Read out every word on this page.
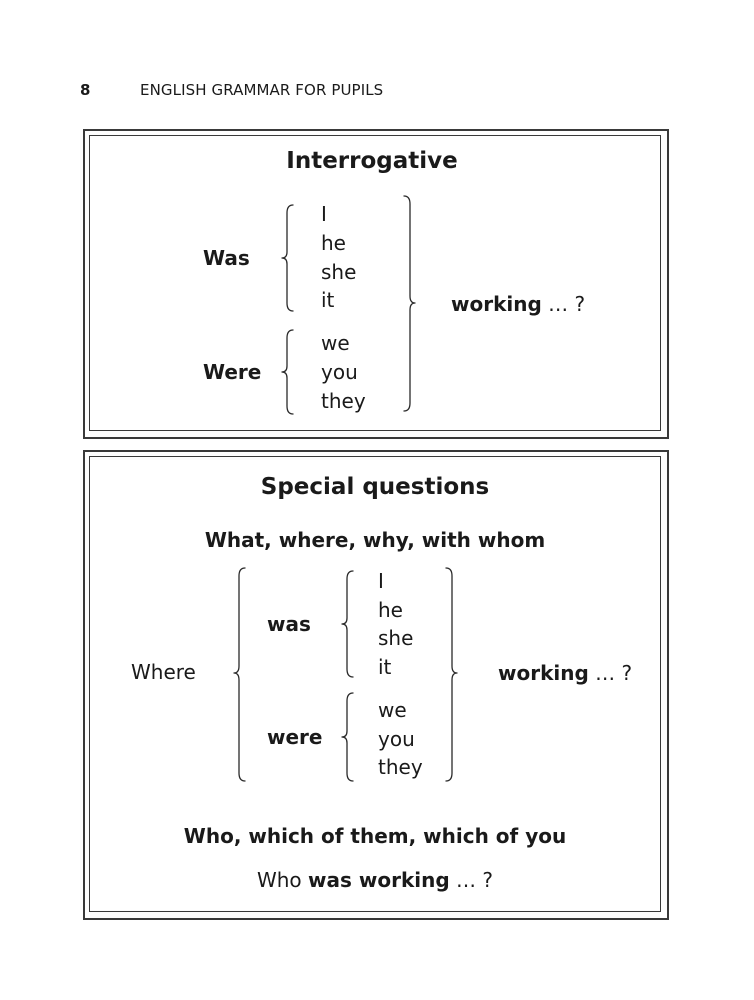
8	ENGLISH GRAMMAR FOR PUPILS
Interrogative
Was
Were
I
he
she
it
we
you
they
working … ?
Special questions
What, where, why, with whom
Where
was
were
I
he
she
it
we
you
they
working … ?
Who, which of them, which of you
Who was working … ?
